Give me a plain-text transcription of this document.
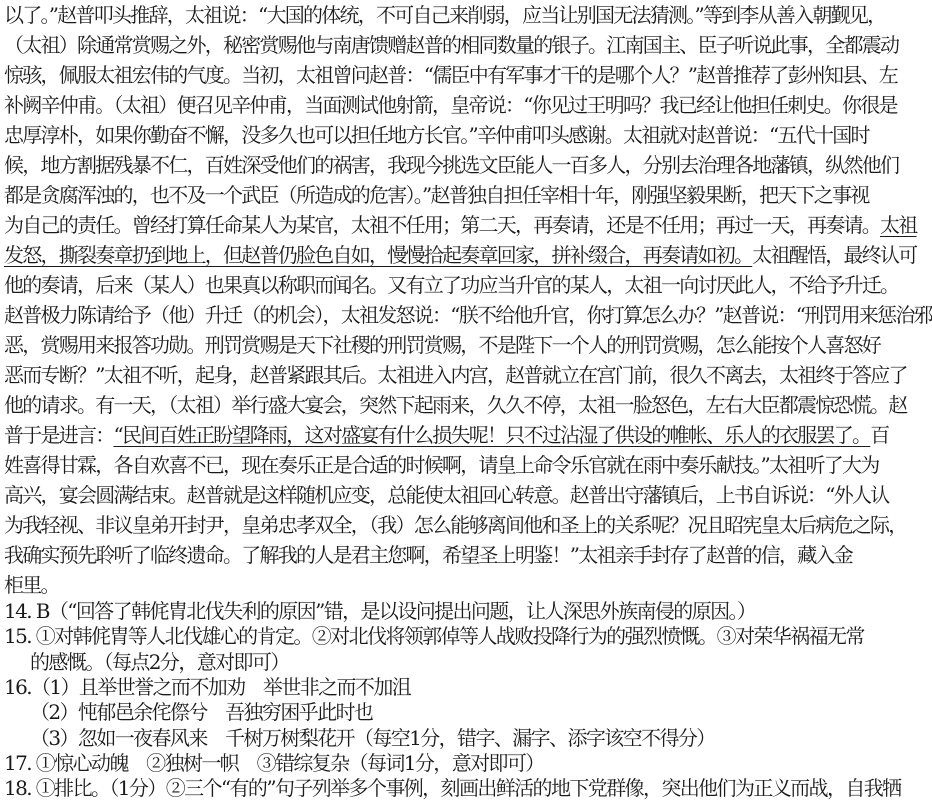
以了。”赵普叩头推辞，太祖说：“大国的体统，不可自己来削弱，应当让别国无法猜测。”等到李从善入朝觐见，
（太祖）除通常赏赐之外，秘密赏赐他与南唐馈赠赵普的相同数量的银子。江南国主、臣子听说此事，全都震动
惊骇，佩服太祖宏伟的气度。当初，太祖曾问赵普：“儒臣中有军事才干的是哪个人？”赵普推荐了彭州知县、左
补阙辛仲甫。（太祖）便召见辛仲甫，当面测试他射箭，皇帝说：“你见过王明吗？我已经让他担任刺史。你很是
忠厚淳朴，如果你勤奋不懈，没多久也可以担任地方长官。”辛仲甫叩头感谢。太祖就对赵普说：“五代十国时
候，地方割据残暴不仁，百姓深受他们的祸害，我现今挑选文臣能人一百多人，分别去治理各地藩镇，纵然他们
都是贪腐浑浊的，也不及一个武臣（所造成的危害）。”赵普独自担任宰相十年，刚强坚毅果断，把天下之事视
为自己的责任。曾经打算任命某人为某官，太祖不任用；第二天，再奏请，还是不任用；再过一天，再奏请。太祖
发怒，撕裂奏章扔到地上，但赵普仍脸色自如，慢慢拾起奏章回家，拼补缀合，再奏请如初。太祖醒悟，最终认可
他的奏请，后来（某人）也果真以称职而闻名。又有立了功应当升官的某人，太祖一向讨厌此人，不给予升迁。
赵普极力陈请给予（他）升迁（的机会），太祖发怒说：“朕不给他升官，你打算怎么办？”赵普说：“刑罚用来惩治邪
恶，赏赐用来报答功勋。刑罚赏赐是天下社稷的刑罚赏赐，不是陛下一个人的刑罚赏赐，怎么能按个人喜怒好
恶而专断？”太祖不听，起身，赵普紧跟其后。太祖进入内宫，赵普就立在宫门前，很久不离去，太祖终于答应了
他的请求。有一天，（太祖）举行盛大宴会，突然下起雨来，久久不停，太祖一脸怒色，左右大臣都震惊恐慌。赵
普于是进言：“民间百姓正盼望降雨，这对盛宴有什么损失呢！只不过沾湿了供设的帷帐、乐人的衣服罢了。百
姓喜得甘霖，各自欢喜不已，现在奏乐正是合适的时候啊，请皇上命令乐官就在雨中奏乐献技。”太祖听了大为
高兴，宴会圆满结束。赵普就是这样随机应变，总能使太祖回心转意。赵普出守藩镇后，上书自诉说：“外人认
为我轻视、非议皇弟开封尹，皇弟忠孝双全，（我）怎么能够离间他和圣上的关系呢？况且昭宪皇太后病危之际，
我确实预先聆听了临终遗命。了解我的人是君主您啊，希望圣上明鉴！”太祖亲手封存了赵普的信，藏入金
柜里。
14. B（“回答了韩侂胄北伐失利的原因”错，是以设问提出问题，让人深思外族南侵的原因。）
15. ①对韩侂胄等人北伐雄心的肯定。②对北伐将领郭倬等人战败投降行为的强烈愤慨。③对荣华祸福无常
的感慨。（每点2分，意对即可）
16.（1）且举世誉之而不加劝　举世非之而不加沮
（2）忳郁邑余侘傺兮　吾独穷困乎此时也
（3）忽如一夜春风来　千树万树梨花开（每空1分，错字、漏字、添字该空不得分）
17. ①惊心动魄　②独树一帜　③错综复杂（每词1分，意对即可）
18. ①排比。（1分）②三个“有的”句子列举多个事例，刻画出鲜活的地下党群像，突出他们为正义而战，自我牺
